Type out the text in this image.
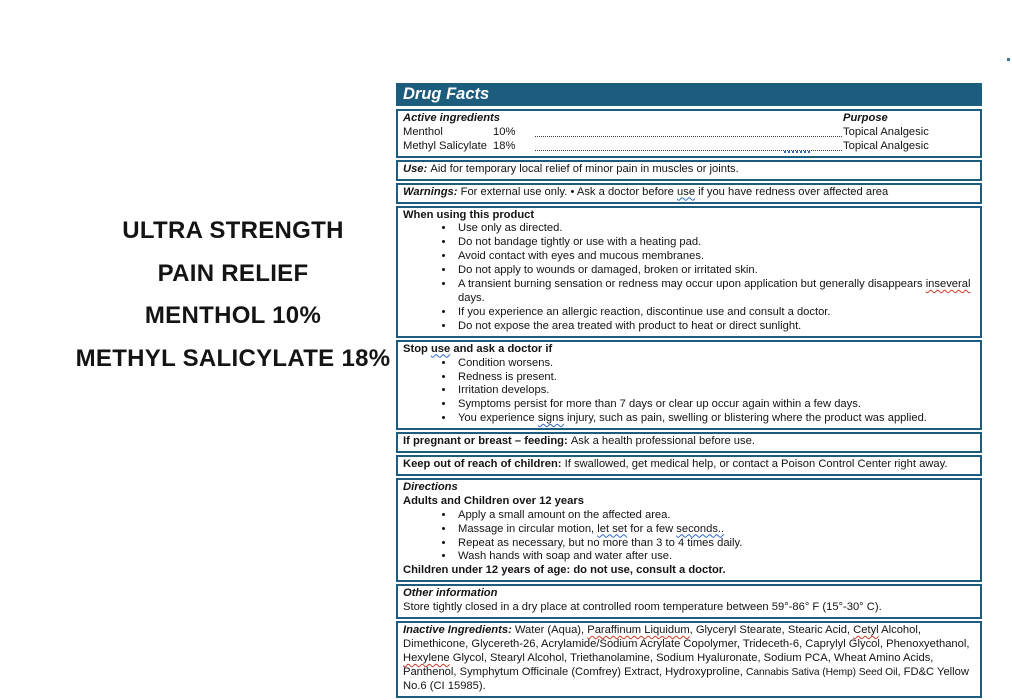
ULTRA STRENGTH
PAIN RELIEF
MENTHOL 10%
METHYL SALICYLATE 18%
Drug Facts
Active ingredients	Purpose
Menthol	10%	Topical Analgesic
Methyl Salicylate 18%	Topical Analgesic
Use: Aid for temporary local relief of minor pain in muscles or joints.
Warnings: For external use only. • Ask a doctor before use if you have redness over affected area
When using this product
• Use only as directed.
• Do not bandage tightly or use with a heating pad.
• Avoid contact with eyes and mucous membranes.
• Do not apply to wounds or damaged, broken or irritated skin.
• A transient burning sensation or redness may occur upon application but generally disappears inseveral days.
• If you experience an allergic reaction, discontinue use and consult a doctor.
• Do not expose the area treated with product to heat or direct sunlight.
Stop use and ask a doctor if
• Condition worsens.
• Redness is present.
• Irritation develops.
• Symptoms persist for more than 7 days or clear up occur again within a few days.
• You experience signs injury, such as pain, swelling or blistering where the product was applied.
If pregnant or breast – feeding: Ask a health professional before use.
Keep out of reach of children: If swallowed, get medical help, or contact a Poison Control Center right away.
Directions
Adults and Children over 12 years
• Apply a small amount on the affected area.
• Massage in circular motion, let set for a few seconds..
• Repeat as necessary, but no more than 3 to 4 times daily.
• Wash hands with soap and water after use.
Children under 12 years of age: do not use, consult a doctor.
Other information
Store tightly closed in a dry place at controlled room temperature between 59°-86° F (15°-30° C).
Inactive Ingredients: Water (Aqua), Paraffinum Liquidum, Glyceryl Stearate, Stearic Acid, Cetyl Alcohol, Dimethicone, Glycereth-26, Acrylamide/Sodium Acrylate Copolymer, Trideceth-6, Caprylyl Glycol, Phenoxyethanol, Hexylene Glycol, Stearyl Alcohol, Triethanolamine, Sodium Hyaluronate, Sodium PCA, Wheat Amino Acids, Panthenol, Symphytum Officinale (Comfrey) Extract, Hydroxyproline, Cannabis Sativa (Hemp) Seed Oil, FD&C Yellow No.6 (CI 15985).
